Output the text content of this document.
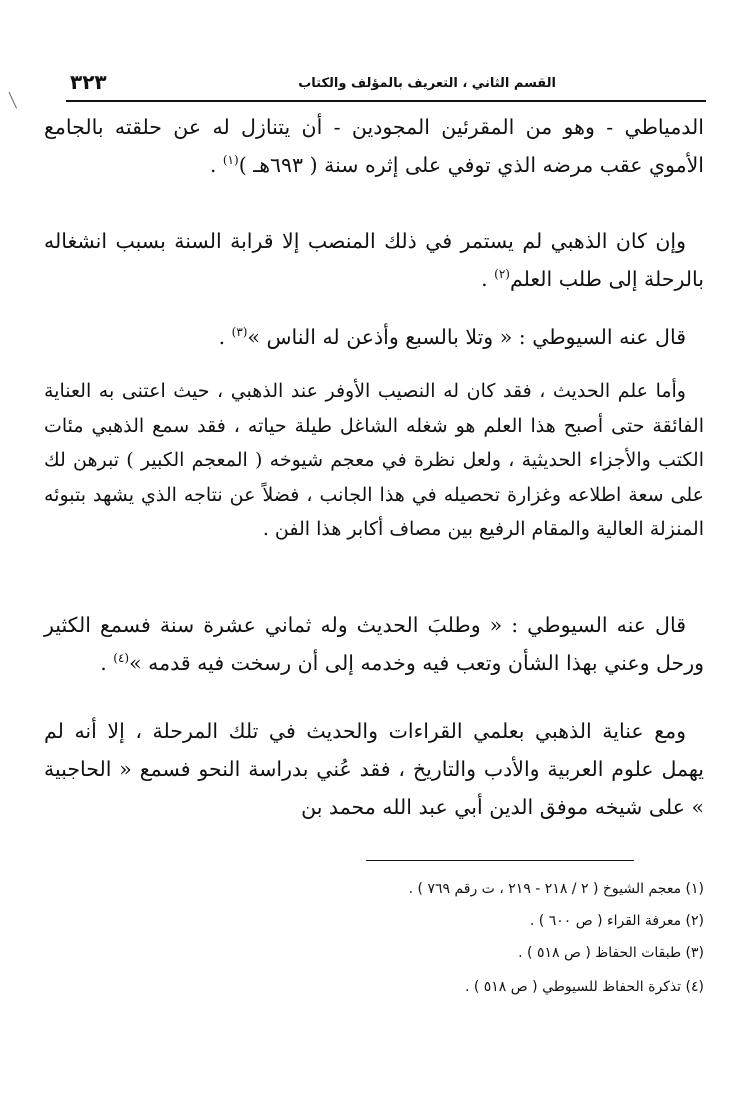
القسم الثاني ، التعريف بالمؤلف والكتاب
٣٢٣

الدمياطي - وهو من المقرئين المجودين - أن يتنازل له عن حلقته بالجامع الأموي عقب مرضه الذي توفي على إثره سنة ( ٦٩٣هـ )$^{(١)}$ .

وإن كان الذهبي لم يستمر في ذلك المنصب إلا قرابة السنة بسبب انشغاله بالرحلة إلى طلب العلم$^{(٢)}$ .

قال عنه السيوطي : « وتلا بالسبع وأذعن له الناس »$^{(٣)}$ .

وأما علم الحديث ، فقد كان له النصيب الأوفر عند الذهبي ، حيث اعتنى به العناية الفائقة حتى أصبح هذا العلم هو شغله الشاغل طيلة حياته ، فقد سمع الذهبي مئات الكتب والأجزاء الحديثية ، ولعل نظرة في معجم شيوخه ( المعجم الكبير ) تبرهن لك على سعة اطلاعه وغزارة تحصيله في هذا الجانب ، فضلاً عن نتاجه الذي يشهد بتبوئه المنزلة العالية والمقام الرفيع بين مصاف أكابر هذا الفن .

قال عنه السيوطي : « وطلبَ الحديث وله ثماني عشرة سنة فسمع الكثير ورحل وعني بهذا الشأن وتعب فيه وخدمه إلى أن رسخت فيه قدمه »$^{(٤)}$ .

ومع عناية الذهبي بعلمي القراءات والحديث في تلك المرحلة ، إلا أنه لم يهمل علوم العربية والأدب والتاريخ ، فقد عُني بدراسة النحو فسمع « الحاجبية » على شيخه موفق الدين أبي عبد الله محمد بن

(١) معجم الشيوخ ( ٢ / ٢١٨ - ٢١٩ ، ت رقم ٧٦٩ ) .
(٢) معرفة القراء ( ص ٦٠٠ ) .
(٣) طبقات الحفاظ ( ص ٥١٨ ) .
(٤) تذكرة الحفاظ للسيوطي ( ص ٥١٨ ) .
